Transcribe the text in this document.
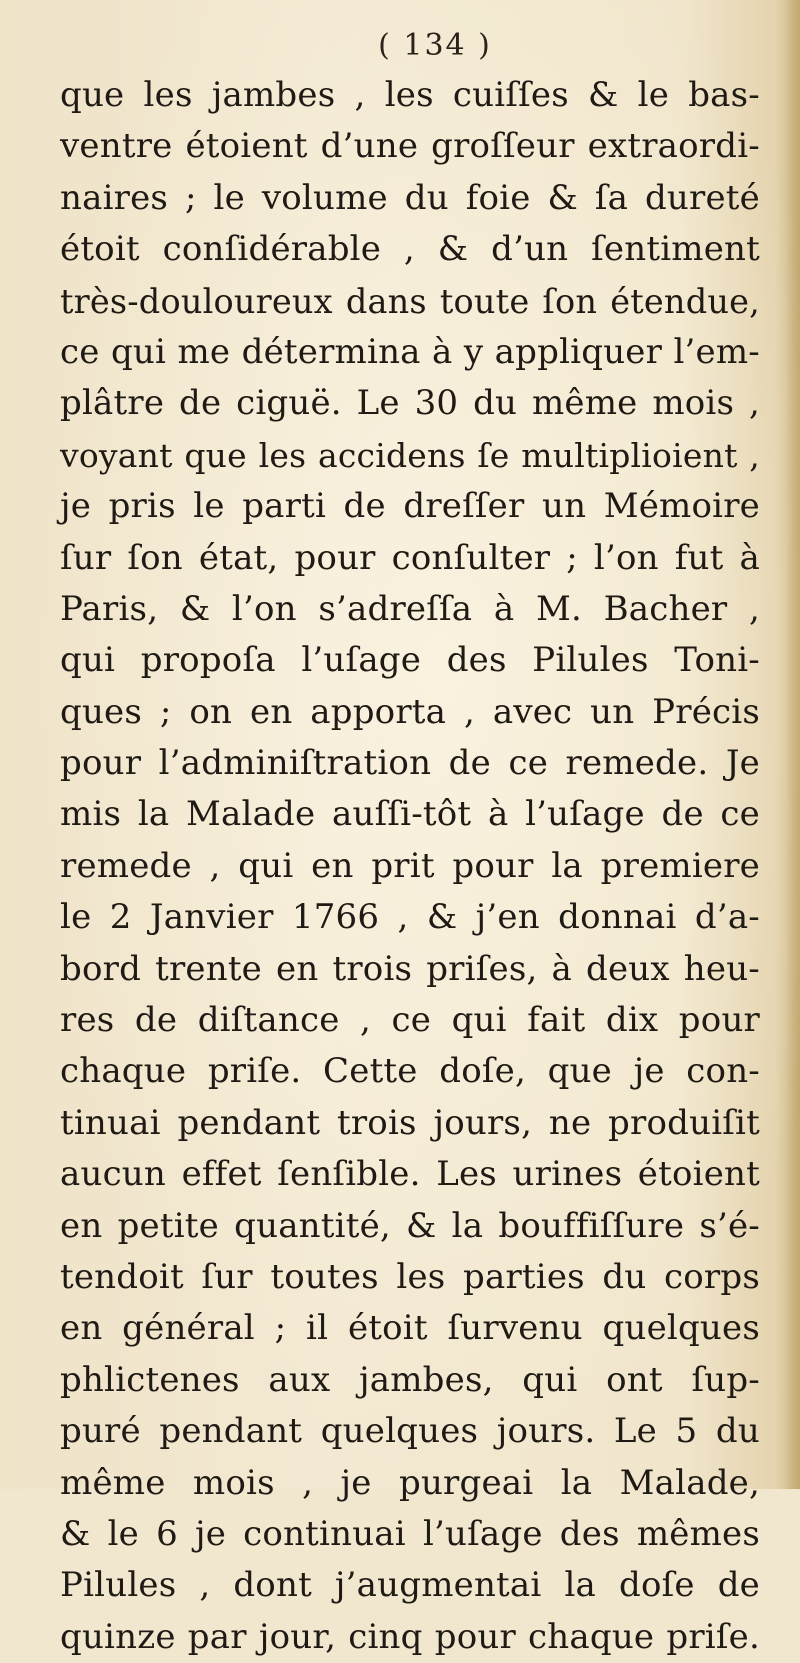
( 134 )
que les jambes , les cuiſſes & le bas-
ventre étoient d’une groſſeur extraordi-
naires ; le volume du foie & ſa dureté
étoit conſidérable , & d’un ſentiment
très-douloureux dans toute ſon étendue,
ce qui me détermina à y appliquer l’em-
plâtre de ciguë. Le 30 du même mois ,
voyant que les accidens ſe multiplioient ,
je pris le parti de dreſſer un Mémoire
ſur ſon état, pour conſulter ; l’on fut à
Paris, & l’on s’adreſſa à M. Bacher ,
qui propoſa l’uſage des Pilules Toni-
ques ; on en apporta , avec un Précis
pour l’adminiſtration de ce remede. Je
mis la Malade auſſi-tôt à l’uſage de ce
remede , qui en prit pour la premiere
le 2 Janvier 1766 , & j’en donnai d’a-
bord trente en trois priſes, à deux heu-
res de diſtance , ce qui fait dix pour
chaque priſe. Cette doſe, que je con-
tinuai pendant trois jours, ne produiſit
aucun effet ſenſible. Les urines étoient
en petite quantité, & la bouffiſſure s’é-
tendoit ſur toutes les parties du corps
en général ; il étoit ſurvenu quelques
phlictenes aux jambes, qui ont ſup-
puré pendant quelques jours. Le 5 du
même mois , je purgeai la Malade,
& le 6 je continuai l’uſage des mêmes
Pilules , dont j’augmentai la doſe de
quinze par jour, cinq pour chaque priſe.
